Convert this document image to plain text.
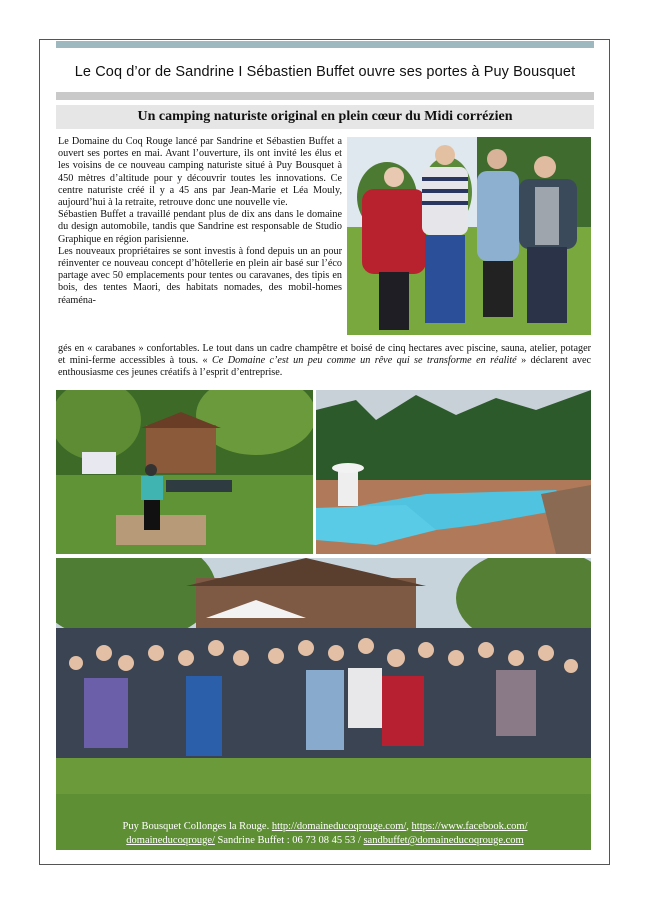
Le Coq d’or de Sandrine I Sébastien Buffet ouvre ses portes à Puy Bousquet
Un camping naturiste original en plein cœur du Midi corrézien

Le Domaine du Coq Rouge lancé par Sandrine et Sébastien Buffet a ouvert ses portes en mai. Avant l’ouverture, ils ont invité les élus et les voisins de ce nouveau camping naturiste situé à Puy Bousquet à 450 mètres d’altitude pour y découvrir toutes les innovations. Ce centre naturiste créé il y a 45 ans par Jean-Marie et Léa Mouly, aujourd’hui à la retraite, retrouve donc une nouvelle vie.

Sébastien Buffet a travaillé pendant plus de dix ans dans le domaine du design automobile, tandis que Sandrine est responsable de Studio Graphique en région parisienne.

Les nouveaux propriétaires se sont investis à fond depuis un an pour réinventer ce nouveau concept d’hôtellerie en plein air basé sur l’éco partage avec 50 emplacements pour tentes ou caravanes, des tipis en bois, des tentes Maori, des habitats nomades, des mobil-homes réaména-

gés en « carabanes » confortables. Le tout dans un cadre champêtre et boisé de cinq hectares avec piscine, sauna, atelier, potager et mini-ferme accessibles à tous. « Ce Domaine c’est un peu comme un rêve qui se transforme en réalité » déclarent avec enthousiasme ces jeunes créatifs à l’esprit d’entreprise.

Puy Bousquet Collonges la Rouge. http://domaineducoqrouge.com/, https://www.facebook.com/
domaineducoqrouge/ Sandrine Buffet : 06 73 08 45 53 / sandbuffet@domaineducoqrouge.com
